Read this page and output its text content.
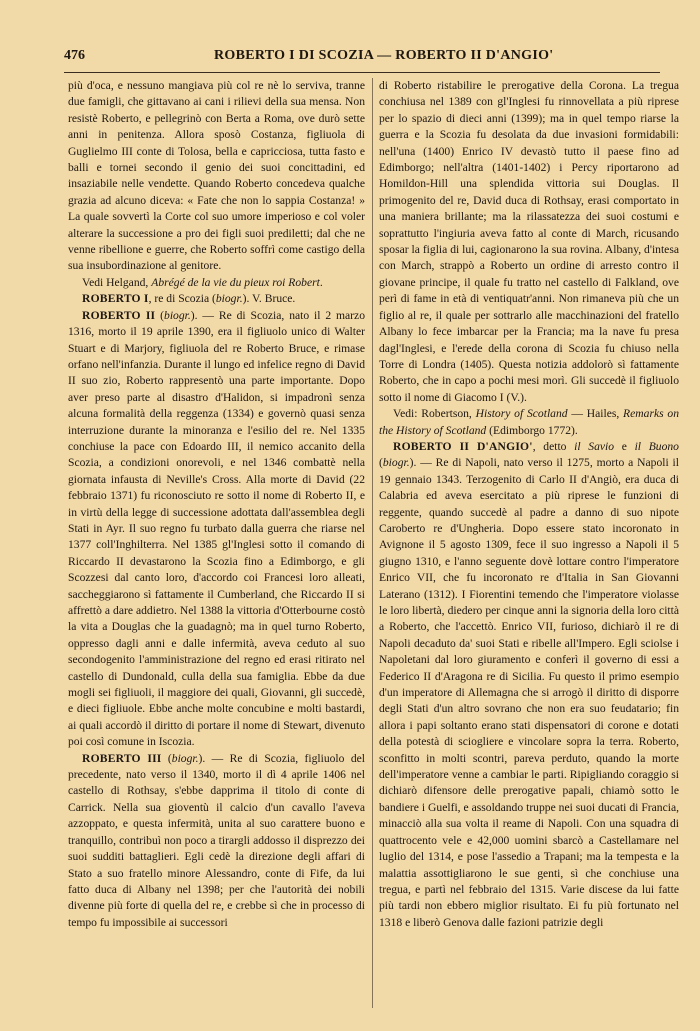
476	ROBERTO I DI SCOZIA — ROBERTO II D'ANGIO'

più d'oca, e nessuno mangiava più col re nè lo serviva, tranne due famigli, che gittavano ai cani i rilievi della sua mensa. Non resistè Roberto, e pellegrinò con Berta a Roma, ove durò sette anni in penitenza. Allora sposò Costanza, figliuola di Guglielmo III conte di Tolosa, bella e capricciosa, tutta fasto e balli e tornei secondo il genio dei suoi concittadini, ed insaziabile nelle vendette. Quando Roberto concedeva qualche grazia ad alcuno diceva: « Fate che non lo sappia Costanza! » La quale sovvertì la Corte col suo umore imperioso e col voler alterare la successione a pro dei figli suoi prediletti; dal che ne venne ribellione e guerre, che Roberto soffrì come castigo della sua insubordinazione al genitore.

Vedi Helgand, Abrégé de la vie du pieux roi Robert.

ROBERTO I, re di Scozia (biogr.). V. Bruce.

ROBERTO II (biogr.). — Re di Scozia, nato il 2 marzo 1316, morto il 19 aprile 1390, era il figliuolo unico di Walter Stuart e di Marjory, figliuola del re Roberto Bruce, e rimase orfano nell'infanzia. Durante il lungo ed infelice regno di David II suo zio, Roberto rappresentò una parte importante. Dopo aver preso parte al disastro d'Halidon, si impadronì senza alcuna formalità della reggenza (1334) e governò quasi senza interruzione durante la minoranza e l'esilio del re. Nel 1335 conchiuse la pace con Edoardo III, il nemico accanito della Scozia, a condizioni onorevoli, e nel 1346 combattè nella giornata infausta di Neville's Cross. Alla morte di David (22 febbraio 1371) fu riconosciuto re sotto il nome di Roberto II, e in virtù della legge di successione adottata dall'assemblea degli Stati in Ayr. Il suo regno fu turbato dalla guerra che riarse nel 1377 coll'Inghilterra. Nel 1385 gl'Inglesi sotto il comando di Riccardo II devastarono la Scozia fino a Edimborgo, e gli Scozzesi dal canto loro, d'accordo coi Francesi loro alleati, saccheggiarono sì fattamente il Cumberland, che Riccardo II si affrettò a dare addietro. Nel 1388 la vittoria d'Otterbourne costò la vita a Douglas che la guadagnò; ma in quel turno Roberto, oppresso dagli anni e dalle infermità, aveva ceduto al suo secondogenito l'amministrazione del regno ed erasi ritirato nel castello di Dundonald, culla della sua famiglia. Ebbe da due mogli sei figliuoli, il maggiore dei quali, Giovanni, gli succedè, e dieci figliuole. Ebbe anche molte concubine e molti bastardi, ai quali accordò il diritto di portare il nome di Stewart, divenuto poi così comune in Iscozia.

ROBERTO III (biogr.). — Re di Scozia, figliuolo del precedente, nato verso il 1340, morto il dì 4 aprile 1406 nel castello di Rothsay, s'ebbe dapprima il titolo di conte di Carrick. Nella sua gioventù il calcio d'un cavallo l'aveva azzoppato, e questa infermità, unita al suo carattere buono e tranquillo, contribuì non poco a tirargli addosso il disprezzo dei suoi sudditi battaglieri. Egli cedè la direzione degli affari di Stato a suo fratello minore Alessandro, conte di Fife, da lui fatto duca di Albany nel 1398; per che l'autorità dei nobili divenne più forte di quella del re, e crebbe sì che in processo di tempo fu impossibile ai successori

di Roberto ristabilire le prerogative della Corona. La tregua conchiusa nel 1389 con gl'Inglesi fu rinnovellata a più riprese per lo spazio di dieci anni (1399); ma in quel tempo riarse la guerra e la Scozia fu desolata da due invasioni formidabili: nell'una (1400) Enrico IV devastò tutto il paese fino ad Edimborgo; nell'altra (1401-1402) i Percy riportarono ad Homildon-Hill una splendida vittoria sui Douglas. Il primogenito del re, David duca di Rothsay, erasi comportato in una maniera brillante; ma la rilassatezza dei suoi costumi e soprattutto l'ingiuria aveva fatto al conte di March, ricusando sposar la figlia di lui, cagionarono la sua rovina. Albany, d'intesa con March, strappò a Roberto un ordine di arresto contro il giovane principe, il quale fu tratto nel castello di Falkland, ove perì di fame in età di ventiquatr'anni. Non rimaneva più che un figlio al re, il quale per sottrarlo alle macchinazioni del fratello Albany lo fece imbarcar per la Francia; ma la nave fu presa dagl'Inglesi, e l'erede della corona di Scozia fu chiuso nella Torre di Londra (1405). Questa notizia addolorò sì fattamente Roberto, che in capo a pochi mesi morì. Gli succedè il figliuolo sotto il nome di Giacomo I (V.).

Vedi: Robertson, History of Scotland — Hailes, Remarks on the History of Scotland (Edimborgo 1772).

ROBERTO II D'ANGIO', detto il Savio e il Buono (biogr.). — Re di Napoli, nato verso il 1275, morto a Napoli il 19 gennaio 1343. Terzogenito di Carlo II d'Angiò, era duca di Calabria ed aveva esercitato a più riprese le funzioni di reggente, quando succedè al padre a danno di suo nipote Caroberto re d'Ungheria. Dopo essere stato incoronato in Avignone il 5 agosto 1309, fece il suo ingresso a Napoli il 5 giugno 1310, e l'anno seguente dovè lottare contro l'imperatore Enrico VII, che fu incoronato re d'Italia in San Giovanni Laterano (1312). I Fiorentini temendo che l'imperatore violasse le loro libertà, diedero per cinque anni la signoria della loro città a Roberto, che l'accettò. Enrico VII, furioso, dichiarò il re di Napoli decaduto da' suoi Stati e ribelle all'Impero. Egli sciolse i Napoletani dal loro giuramento e conferì il governo di essi a Federico II d'Aragona re di Sicilia. Fu questo il primo esempio d'un imperatore di Allemagna che si arrogò il diritto di disporre degli Stati d'un altro sovrano che non era suo feudatario; fin allora i papi soltanto erano stati dispensatori di corone e dotati della potestà di sciogliere e vincolare sopra la terra. Roberto, sconfitto in molti scontri, pareva perduto, quando la morte dell'imperatore venne a cambiar le parti. Ripigliando coraggio si dichiarò difensore delle prerogative papali, chiamò sotto le bandiere i Guelfi, e assoldando truppe nei suoi ducati di Francia, minacciò alla sua volta il reame di Napoli. Con una squadra di quattrocento vele e 42,000 uomini sbarcò a Castellamare nel luglio del 1314, e pose l'assedio a Trapani; ma la tempesta e la malattia assottigliarono le sue genti, sì che conchiuse una tregua, e partì nel febbraio del 1315. Varie discese da lui fatte più tardi non ebbero miglior risultato. Ei fu più fortunato nel 1318 e liberò Genova dalle fazioni patrizie degli
